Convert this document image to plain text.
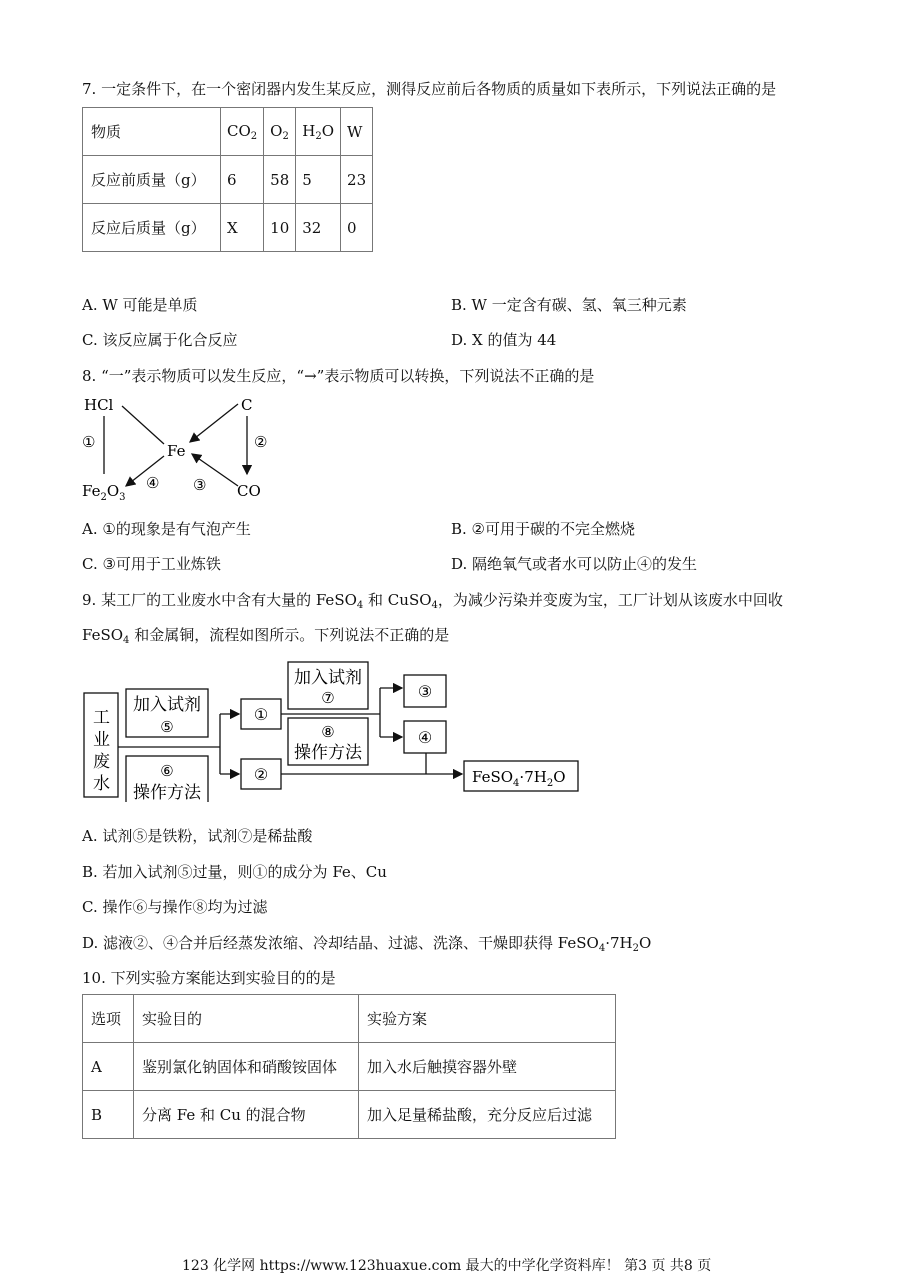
7. 一定条件下，在一个密闭器内发生某反应，测得反应前后各物质的质量如下表所示，下列说法正确的是
物质	$CO_2$	$O_2$	$H_2O$	W
反应前质量（g）	6	58	5	23
反应后质量（g）	X	10	32	0
A. W 可能是单质	B. W 一定含有碳、氢、氧三种元素
C. 该反应属于化合反应	D. X 的值为 44
8. “一”表示物质可以发生反应，“→”表示物质可以转换，下列说法不正确的是
HCl	C
Fe
$Fe_2O_3$	CO
①	②
③
④
A. ①的现象是有气泡产生	B. ②可用于碳的不完全燃烧
C. ③可用于工业炼铁	D. 隔绝氧气或者水可以防止④的发生
9. 某工厂的工业废水中含有大量的 FeSO$_4$ 和 CuSO$_4$，为减少污染并变废为宝，工厂计划从该废水中回收
FeSO$_4$ 和金属铜，流程如图所示。下列说法不正确的是
工
业
废
水
加入试剂
⑤
⑥
操作方法
加入试剂
⑦
⑧
操作方法
①
②
③
④
$FeSO_4\cdot 7H_2O$
A. 试剂⑤是铁粉，试剂⑦是稀盐酸
B. 若加入试剂⑤过量，则①的成分为 Fe、Cu
C. 操作⑥与操作⑧均为过滤
D. 滤液②、④合并后经蒸发浓缩、冷却结晶、过滤、洗涤、干燥即获得 $FeSO_4\cdot 7H_2O$
10. 下列实验方案能达到实验目的的是
选项	实验目的	实验方案
A	鉴别氯化钠固体和硝酸铵固体	加入水后触摸容器外壁
B	分离 Fe 和 Cu 的混合物	加入足量稀盐酸，充分反应后过滤
123 化学网 https://www.123huaxue.com 最大的中学化学资料库！ 第3 页 共8 页
